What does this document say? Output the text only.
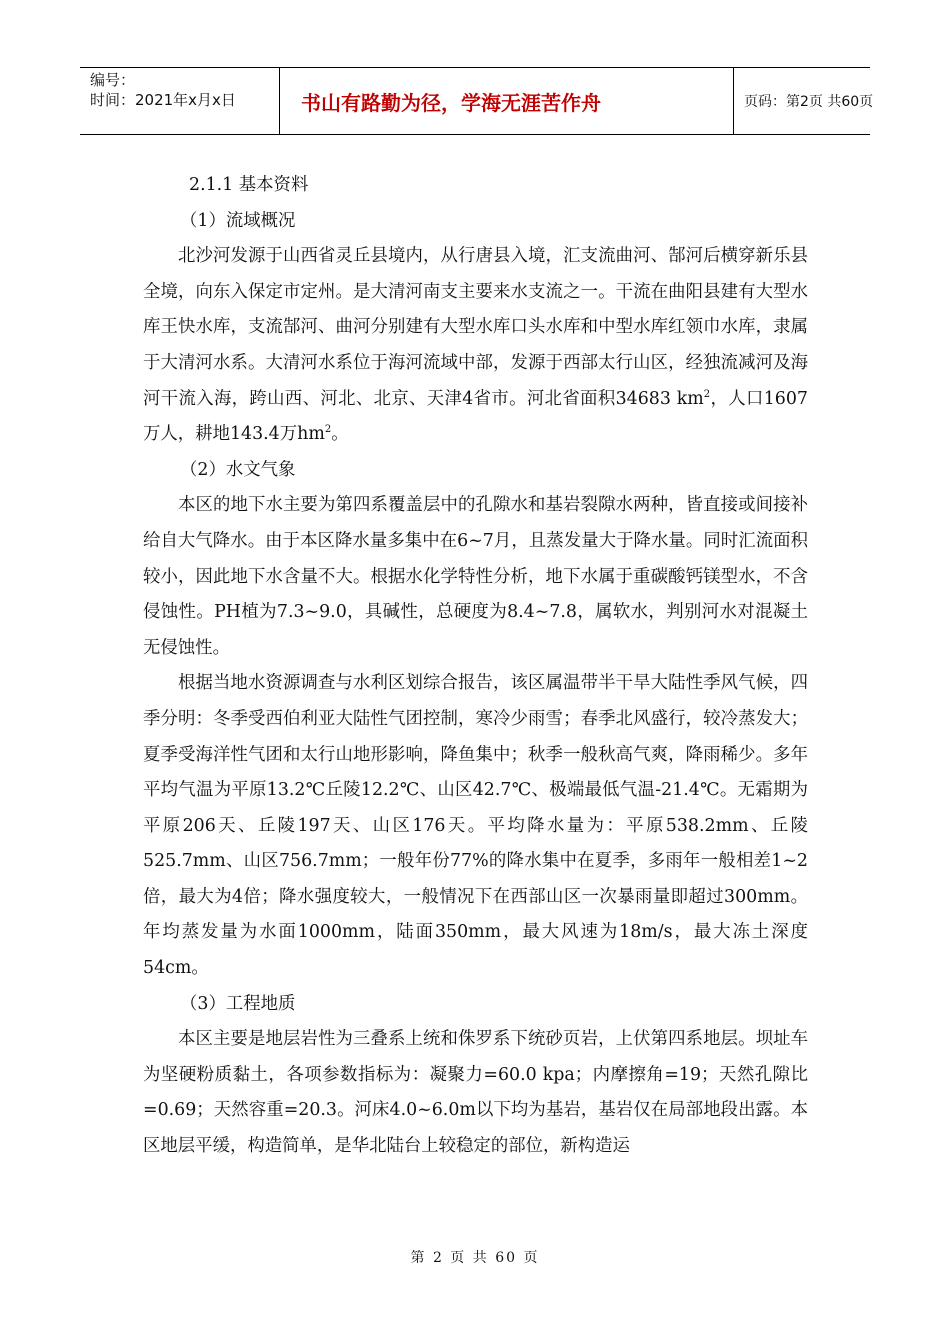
编号：
时间：2021年x月x日	书山有路勤为径，学海无涯苦作舟	页码：第2页 共60页

2.1.1 基本资料

（1）流域概况

北沙河发源于山西省灵丘县境内，从行唐县入境，汇支流曲河、郜河后横穿新乐县全境，向东入保定市定州。是大清河南支主要来水支流之一。干流在曲阳县建有大型水库王快水库，支流郜河、曲河分别建有大型水库口头水库和中型水库红领巾水库，隶属于大清河水系。大清河水系位于海河流域中部，发源于西部太行山区，经独流减河及海河干流入海，跨山西、河北、北京、天津4省市。河北省面积34683 $km^2$，人口1607万人，耕地143.4万$hm^2$。

（2）水文气象

本区的地下水主要为第四系覆盖层中的孔隙水和基岩裂隙水两种，皆直接或间接补给自大气降水。由于本区降水量多集中在6~7月，且蒸发量大于降水量。同时汇流面积较小，因此地下水含量不大。根据水化学特性分析，地下水属于重碳酸钙镁型水，不含侵蚀性。PH植为7.3~9.0，具碱性，总硬度为8.4~7.8，属软水，判别河水对混凝土无侵蚀性。

根据当地水资源调查与水利区划综合报告，该区属温带半干旱大陆性季风气候，四季分明：冬季受西伯利亚大陆性气团控制，寒冷少雨雪；春季北风盛行，较冷蒸发大；夏季受海洋性气团和太行山地形影响，降鱼集中；秋季一般秋高气爽，降雨稀少。多年平均气温为平原13.2℃丘陵12.2℃、山区42.7℃、极端最低气温-21.4℃。无霜期为平原206天、丘陵197天、山区176天。平均降水量为：平原538.2mm、丘陵525.7mm、山区756.7mm；一般年份77%的降水集中在夏季，多雨年一般相差1~2倍，最大为4倍；降水强度较大，一般情况下在西部山区一次暴雨量即超过300mm。年均蒸发量为水面1000mm，陆面350mm，最大风速为18m/s，最大冻土深度54cm。

（3）工程地质

本区主要是地层岩性为三叠系上统和侏罗系下统砂页岩，上伏第四系地层。坝址车为坚硬粉质黏土，各项参数指标为：凝聚力=60.0 kpa；内摩擦角=19；天然孔隙比=0.69；天然容重=20.3。河床4.0~6.0m以下均为基岩，基岩仅在局部地段出露。本区地层平缓，构造简单，是华北陆台上较稳定的部位，新构造运

第 2 页 共 60 页
